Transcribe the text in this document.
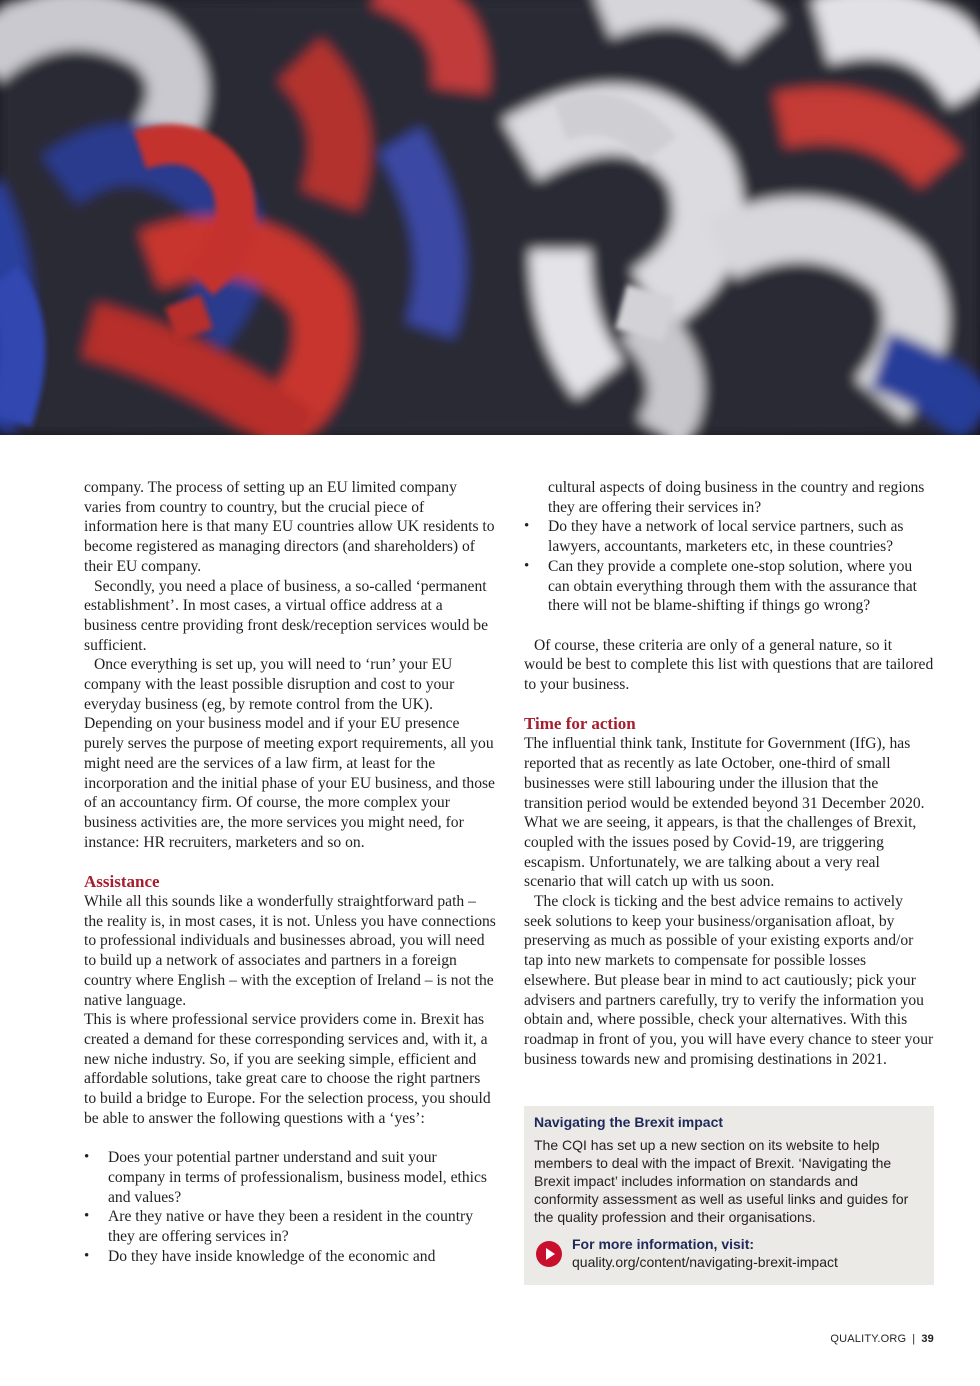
company. The process of setting up an EU limited company varies from country to country, but the crucial piece of information here is that many EU countries allow UK residents to become registered as managing directors (and shareholders) of their EU company.

Secondly, you need a place of business, a so-called ‘permanent establishment’. In most cases, a virtual office address at a business centre providing front desk/reception services would be sufficient.

Once everything is set up, you will need to ‘run’ your EU company with the least possible disruption and cost to your everyday business (eg, by remote control from the UK). Depending on your business model and if your EU presence purely serves the purpose of meeting export requirements, all you might need are the services of a law firm, at least for the incorporation and the initial phase of your EU business, and those of an accountancy firm. Of course, the more complex your business activities are, the more services you might need, for instance: HR recruiters, marketers and so on.

Assistance

While all this sounds like a wonderfully straightforward path – the reality is, in most cases, it is not. Unless you have connections to professional individuals and businesses abroad, you will need to build up a network of associates and partners in a foreign country where English – with the exception of Ireland – is not the native language.

This is where professional service providers come in. Brexit has created a demand for these corresponding services and, with it, a new niche industry. So, if you are seeking simple, efficient and affordable solutions, take great care to choose the right partners to build a bridge to Europe. For the selection process, you should be able to answer the following questions with a ‘yes’:

• Does your potential partner understand and suit your company in terms of professionalism, business model, ethics and values?
• Are they native or have they been a resident in the country they are offering services in?
• Do they have inside knowledge of the economic and
cultural aspects of doing business in the country and regions they are offering their services in?
• Do they have a network of local service partners, such as lawyers, accountants, marketers etc, in these countries?
• Can they provide a complete one-stop solution, where you can obtain everything through them with the assurance that there will not be blame-shifting if things go wrong?

Of course, these criteria are only of a general nature, so it would be best to complete this list with questions that are tailored to your business.

Time for action

The influential think tank, Institute for Government (IfG), has reported that as recently as late October, one-third of small businesses were still labouring under the illusion that the transition period would be extended beyond 31 December 2020. What we are seeing, it appears, is that the challenges of Brexit, coupled with the issues posed by Covid-19, are triggering escapism. Unfortunately, we are talking about a very real scenario that will catch up with us soon.

The clock is ticking and the best advice remains to actively seek solutions to keep your business/organisation afloat, by preserving as much as possible of your existing exports and/or tap into new markets to compensate for possible losses elsewhere. But please bear in mind to act cautiously; pick your advisers and partners carefully, try to verify the information you obtain and, where possible, check your alternatives. With this roadmap in front of you, you will have every chance to steer your business towards new and promising destinations in 2021.

Navigating the Brexit impact
The CQI has set up a new section on its website to help members to deal with the impact of Brexit. ‘Navigating the Brexit impact’ includes information on standards and conformity assessment as well as useful links and guides for the quality profession and their organisations.
For more information, visit:
quality.org/content/navigating-brexit-impact
QUALITY.ORG | 39
